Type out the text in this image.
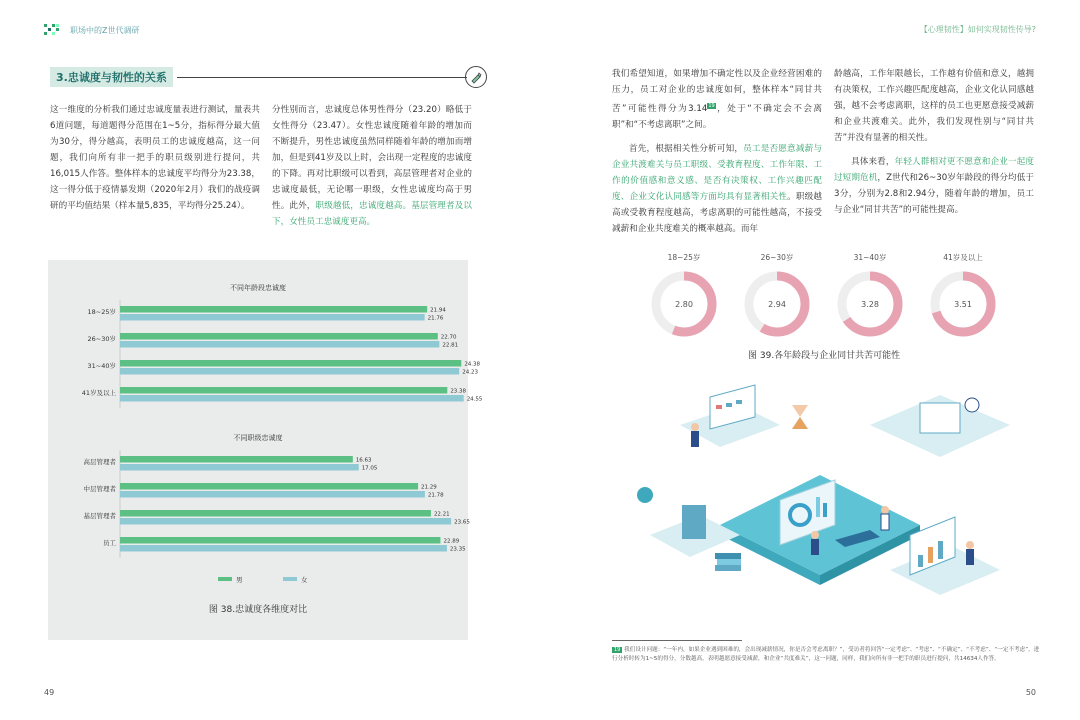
职场中的Z世代调研	【心理韧性】如何实现韧性传导?
3.忠诚度与韧性的关系
这一维度的分析我们通过忠诚度量表进行测试，量表共6道问题，每道题得分范围在1~5分，指标得分最大值为30分，得分越高，表明员工的忠诚度越高，这一问题，我们向所有非一把手的职员级别进行提问，共16,015人作答。整体样本的忠诚度平均得分为23.38，这一得分低于疫情暴发期（2020年2月）我们的战疫调研的平均值结果（样本量5,835，平均得分25.24）。
分性别而言，忠诚度总体男性得分（23.20）略低于女性得分（23.47）。女性忠诚度随着年龄的增加而不断提升，男性忠诚度虽然同样随着年龄的增加而增加，但是到41岁及以上时，会出现一定程度的忠诚度的下降。再对比职级可以看到，高层管理者对企业的忠诚度最低，无论哪一职级，女性忠诚度均高于男性。此外，职级越低，忠诚度越高。基层管理者及以下，女性员工忠诚度更高。
不同年龄段忠诚度
18~25岁	21.94
21.76
26~30岁	22.70
22.81
31~40岁	24.38
24.23
41岁及以上	23.38
24.55
不同职级忠诚度
高层管理者	16.63
17.05
中层管理者	21.29
21.78
基层管理者	22.21
23.65
员工	22.89
23.35
男	女
图 38.忠诚度各维度对比
我们希望知道，如果增加不确定性以及企业经营困难的压力，员工对企业的忠诚度如何，整体样本“同甘共苦”可能性得分为3.14$^{19}$，处于“不确定会不会离职”和“不考虑离职”之间。
首先，根据相关性分析可知，员工是否愿意减薪与企业共渡难关与员工职级、受教育程度、工作年限、工作的价值感和意义感、是否有决策权、工作兴趣匹配度、企业文化认同感等方面均具有显著相关性。职级越高或受教育程度越高，考虑离职的可能性越高，不接受减薪和企业共度难关的概率越高。而年
龄越高，工作年限越长，工作越有价值和意义，越拥有决策权，工作兴趣匹配度越高，企业文化认同感越强，越不会考虑离职，这样的员工也更愿意接受减薪和企业共渡难关。此外，我们发现性别与“同甘共苦”并没有显著的相关性。
具体来看，年轻人群相对更不愿意和企业一起度过短期危机，Z世代和26~30岁年龄段的得分均低于3分，分别为2.8和2.94分，随着年龄的增加，员工与企业“同甘共苦”的可能性提高。
18~25岁
2.80
26~30岁
2.94
31~40岁
3.28
41岁及以上
3.51
图 39.各年龄段与企业同甘共苦可能性
19 我们设计问题：“一年内，如果企业遇到困难的，会出现减薪情况，你是否会考虑离职？”，受访者将回答“一定考虑”、“考虑”、“不确定”、“不考虑”、“一定不考虑”，进行分析时转为1~5的得分，分数越高，表明越愿意接受减薪，和企业“共度难关”，这一问题，同样，我们向所有非一把手的职员进行提问，共14634人作答。
49	50
